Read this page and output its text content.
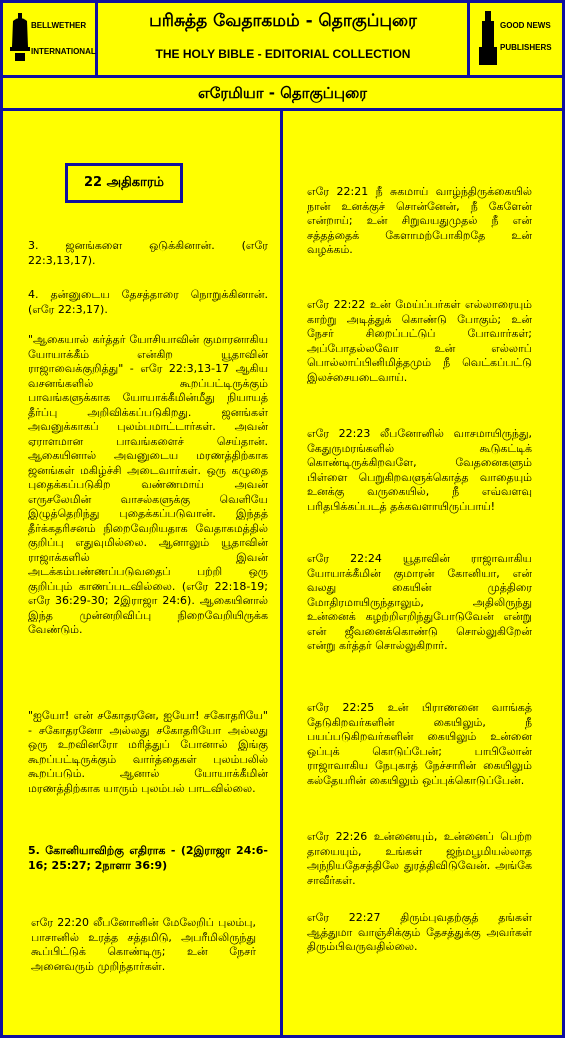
BELLWETHER
INTERNATIONAL
பரிசுத்த வேதாகமம் - தொகுப்புரை
THE HOLY BIBLE - EDITORIAL COLLECTION
GOOD NEWS
PUBLISHERS
எரேமியா - தொகுப்புரை
22 அதிகாரம்
3. ஜனங்களை ஒடுக்கினான். (எரே 22:3,13,17).
4. தன்னுடைய தேசத்தாரை நொறுக்கினான். (எரே 22:3,17).
"ஆகையால் கர்த்தர் யோசியாவின் குமாரனாகிய யோயாக்கீம் என்கிற யூதாவின் ராஜாவைக்குறித்து" - எரே 22:3,13-17 ஆகிய வசனங்களில் கூறப்பட்டிருக்கும் பாவங்களுக்காக யோயாக்கீமின்மீது நியாயத் தீர்ப்பு அறிவிக்கப்படுகிறது. ஜனங்கள் அவனுக்காகப் புலம்பமாட்டார்கள். அவன் ஏராளமான பாவங்களைச் செய்தான். ஆகையினால் அவனுடைய மரணத்திற்காக ஜனங்கள் மகிழ்ச்சி அடைவார்கள். ஒரு கழுதை புதைக்கப்படுகிற வண்ணமாய் அவன் எருசலேமின் வாசல்களுக்கு வெளியே இழுத்தெறிந்து புதைக்கப்படுவான். இந்தத் தீர்க்கதரிசனம் நிறைவேறியதாக வேதாகமத்தில் குறிப்பு எதுவுமில்லை. ஆனாலும் யூதாவின் ராஜாக்களில் இவன் அடக்கம்பண்ணப்படுவதைப் பற்றி ஒரு குறிப்பும் காணப்படவில்லை. (எரே 22:18-19; எரே 36:29-30; 2இராஜா 24:6). ஆகையினால் இந்த முன்னறிவிப்பு நிறைவேறியிருக்க வேண்டும்.
"ஐயோ! என் சகோதரனே, ஐயோ! சகோதரியே" - சகோதரனோ அல்லது சகோதரியோ அல்லது ஒரு உறவினரோ மரித்துப் போனால் இங்கு கூறப்பட்டிருக்கும் வார்த்தைகள் புலம்பலில் கூறப்படும். ஆனால் யோயாக்கீமின் மரணத்திற்காக யாரும் புலம்பல் பாடவில்லை.
5. கோனியாவிற்கு எதிராக - (2இராஜா 24:6-16; 25:27; 2நாளா 36:9)
எரே 22:20 லீபனோனின் மேலேறிப் புலம்பு, பாசானில் உரத்த சத்தமிடு, அபரீமிலிருந்து கூப்பிட்டுக் கொண்டிரு; உன் நேசர் அனைவரும் முறிந்தார்கள்.
எரே 22:21 நீ சுகமாய் வாழ்ந்திருக்கையில் நான் உனக்குச் சொன்னேன், நீ கேளேன் என்றாய்; உன் சிறுவயதுமுதல் நீ என் சத்தத்தைக் கேளாமற்போகிறதே உன் வழக்கம்.
எரே 22:22 உன் மேய்ப்பர்கள் எல்லாரையும் காற்று அடித்துக் கொண்டு போகும்; உன் நேசர் சிறைப்பட்டுப் போவார்கள்; அப்போதல்லவோ உன் எல்லாப் பொல்லாப்பினிமித்தமும் நீ வெட்கப்பட்டு இலச்சையடைவாய்.
எரே 22:23 லீபனோனில் வாசமாயிருந்து, கேதுருமரங்களில் கூடுகட்டிக் கொண்டிருக்கிறவளே, வேதனைகளும் பிள்ளை பெறுகிறவளுக்கொத்த வாதையும் உனக்கு வருகையில், நீ எவ்வளவு பரிதபிக்கப்படத் தக்கவளாயிருப்பாய்!
எரே 22:24 யூதாவின் ராஜாவாகிய யோயாக்கீமின் குமாரன் கோனியா, என் வலது கையின் முத்திரை மோதிரமாயிருந்தாலும், அதிலிருந்து உன்னைக் கழற்றிஎறிந்துபோடுவேன் என்று என் ஜீவனைக்கொண்டு சொல்லுகிறேன் என்று கர்த்தர் சொல்லுகிறார்.
எரே 22:25 உன் பிராணனை வாங்கத் தேடுகிறவர்களின் கையிலும், நீ பயப்படுகிறவர்களின் கையிலும் உன்னை ஒப்புக் கொடுப்பேன்; பாபிலோன் ராஜாவாகிய நேபுகாத் நேச்சாரின் கையிலும் கல்தேயரின் கையிலும் ஒப்புக்கொடுப்பேன்.
எரே 22:26 உன்னையும், உன்னைப் பெற்ற தாயையும், உங்கள் ஜந்மபூமியல்லாத அந்நியதேசத்திலே துரத்திவிடுவேன். அங்கே சாவீர்கள்.
எரே 22:27 திரும்புவதற்குத் தங்கள் ஆத்துமா வாஞ்சிக்கும் தேசத்துக்கு அவர்கள் திரும்பிவருவதில்லை.
